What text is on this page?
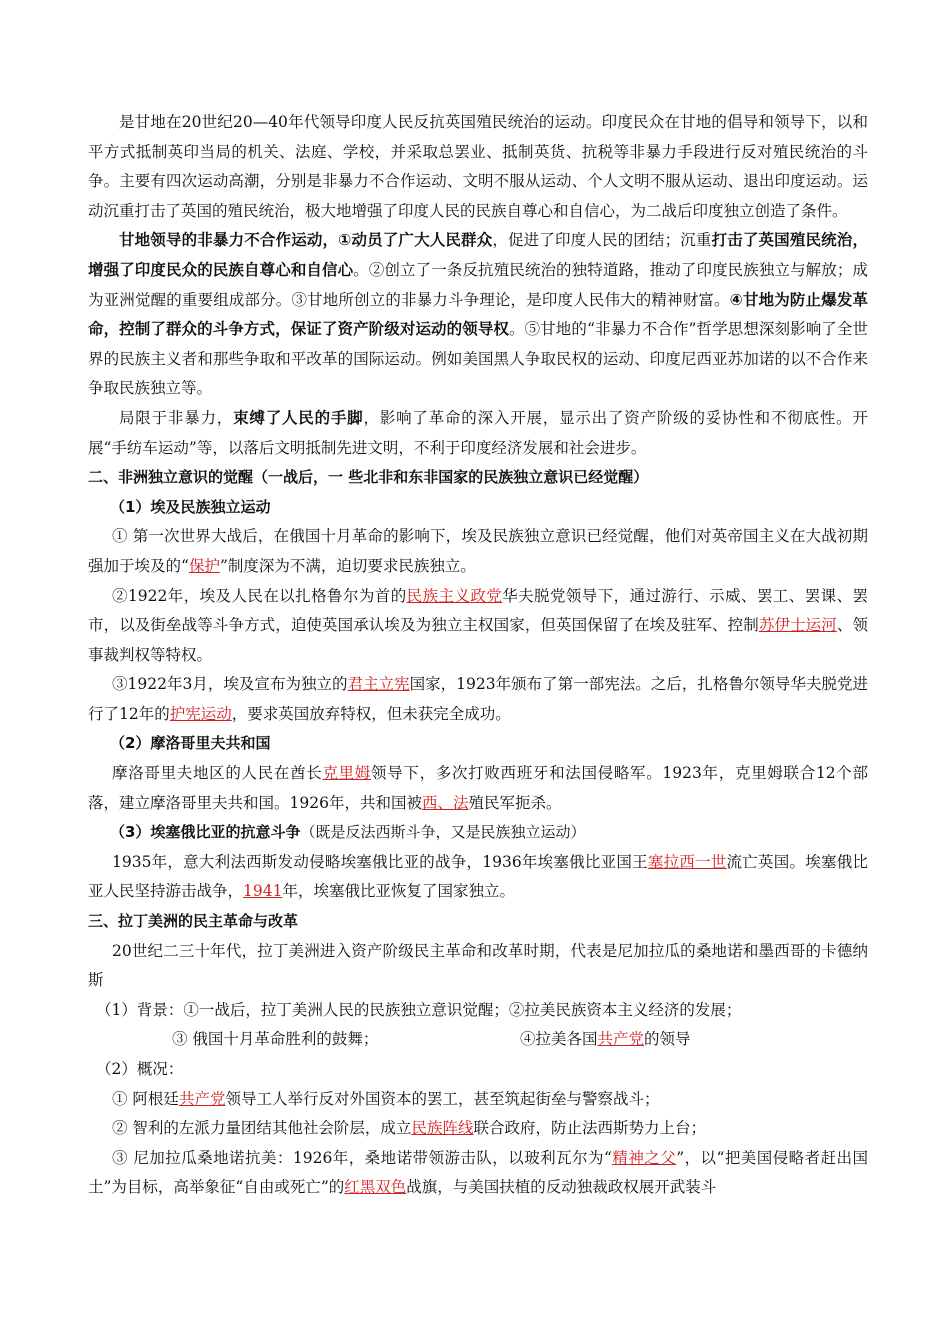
是甘地在20世纪20—40年代领导印度人民反抗英国殖民统治的运动。印度民众在甘地的倡导和领导下，以和平方式抵制英印当局的机关、法庭、学校，并采取总罢业、抵制英货、抗税等非暴力手段进行反对殖民统治的斗争。主要有四次运动高潮，分别是非暴力不合作运动、文明不服从运动、个人文明不服从运动、退出印度运动。运动沉重打击了英国的殖民统治，极大地增强了印度人民的民族自尊心和自信心，为二战后印度独立创造了条件。

甘地领导的非暴力不合作运动，①动员了广大人民群众，促进了印度人民的团结；沉重打击了英国殖民统治，增强了印度民众的民族自尊心和自信心。②创立了一条反抗殖民统治的独特道路，推动了印度民族独立与解放；成为亚洲觉醒的重要组成部分。③甘地所创立的非暴力斗争理论，是印度人民伟大的精神财富。④甘地为防止爆发革命，控制了群众的斗争方式，保证了资产阶级对运动的领导权。⑤甘地的“非暴力不合作”哲学思想深刻影响了全世界的民族主义者和那些争取和平改革的国际运动。例如美国黑人争取民权的运动、印度尼西亚苏加诺的以不合作来争取民族独立等。

局限于非暴力，束缚了人民的手脚，影响了革命的深入开展，显示出了资产阶级的妥协性和不彻底性。开展“手纺车运动”等，以落后文明抵制先进文明，不利于印度经济发展和社会进步。

二、非洲独立意识的觉醒（一战后，一 些北非和东非国家的民族独立意识已经觉醒）

（1）埃及民族独立运动

① 第一次世界大战后，在俄国十月革命的影响下，埃及民族独立意识已经觉醒，他们对英帝国主义在大战初期强加于埃及的“保护”制度深为不满，迫切要求民族独立。

②1922年，埃及人民在以扎格鲁尔为首的民族主义政党华夫脱党领导下，通过游行、示威、罢工、罢课、罢市，以及街垒战等斗争方式，迫使英国承认埃及为独立主权国家，但英国保留了在埃及驻军、控制苏伊士运河、领事裁判权等特权。

③1922年3月，埃及宣布为独立的君主立宪国家，1923年颁布了第一部宪法。之后，扎格鲁尔领导华夫脱党进行了12年的护宪运动，要求英国放弃特权，但未获完全成功。

（2）摩洛哥里夫共和国

摩洛哥里夫地区的人民在酋长克里姆领导下，多次打败西班牙和法国侵略军。1923年，克里姆联合12个部落，建立摩洛哥里夫共和国。1926年，共和国被西、法殖民军扼杀。

（3）埃塞俄比亚的抗意斗争（既是反法西斯斗争，又是民族独立运动）

1935年，意大利法西斯发动侵略埃塞俄比亚的战争，1936年埃塞俄比亚国王塞拉西一世流亡英国。埃塞俄比亚人民坚持游击战争，1941年，埃塞俄比亚恢复了国家独立。

三、拉丁美洲的民主革命与改革

20世纪二三十年代，拉丁美洲进入资产阶级民主革命和改革时期，代表是尼加拉瓜的桑地诺和墨西哥的卡德纳斯

（1）背景：①一战后，拉丁美洲人民的民族独立意识觉醒；②拉美民族资本主义经济的发展；

③ 俄国十月革命胜利的鼓舞；	④拉美各国共产党的领导

（2）概况：

① 阿根廷共产党领导工人举行反对外国资本的罢工，甚至筑起街垒与警察战斗；

② 智利的左派力量团结其他社会阶层，成立民族阵线联合政府，防止法西斯势力上台；

③ 尼加拉瓜桑地诺抗美：1926年，桑地诺带领游击队，以玻利瓦尔为“精神之父”，以“把美国侵略者赶出国土”为目标，高举象征“自由或死亡”的红黑双色战旗，与美国扶植的反动独裁政权展开武装斗
